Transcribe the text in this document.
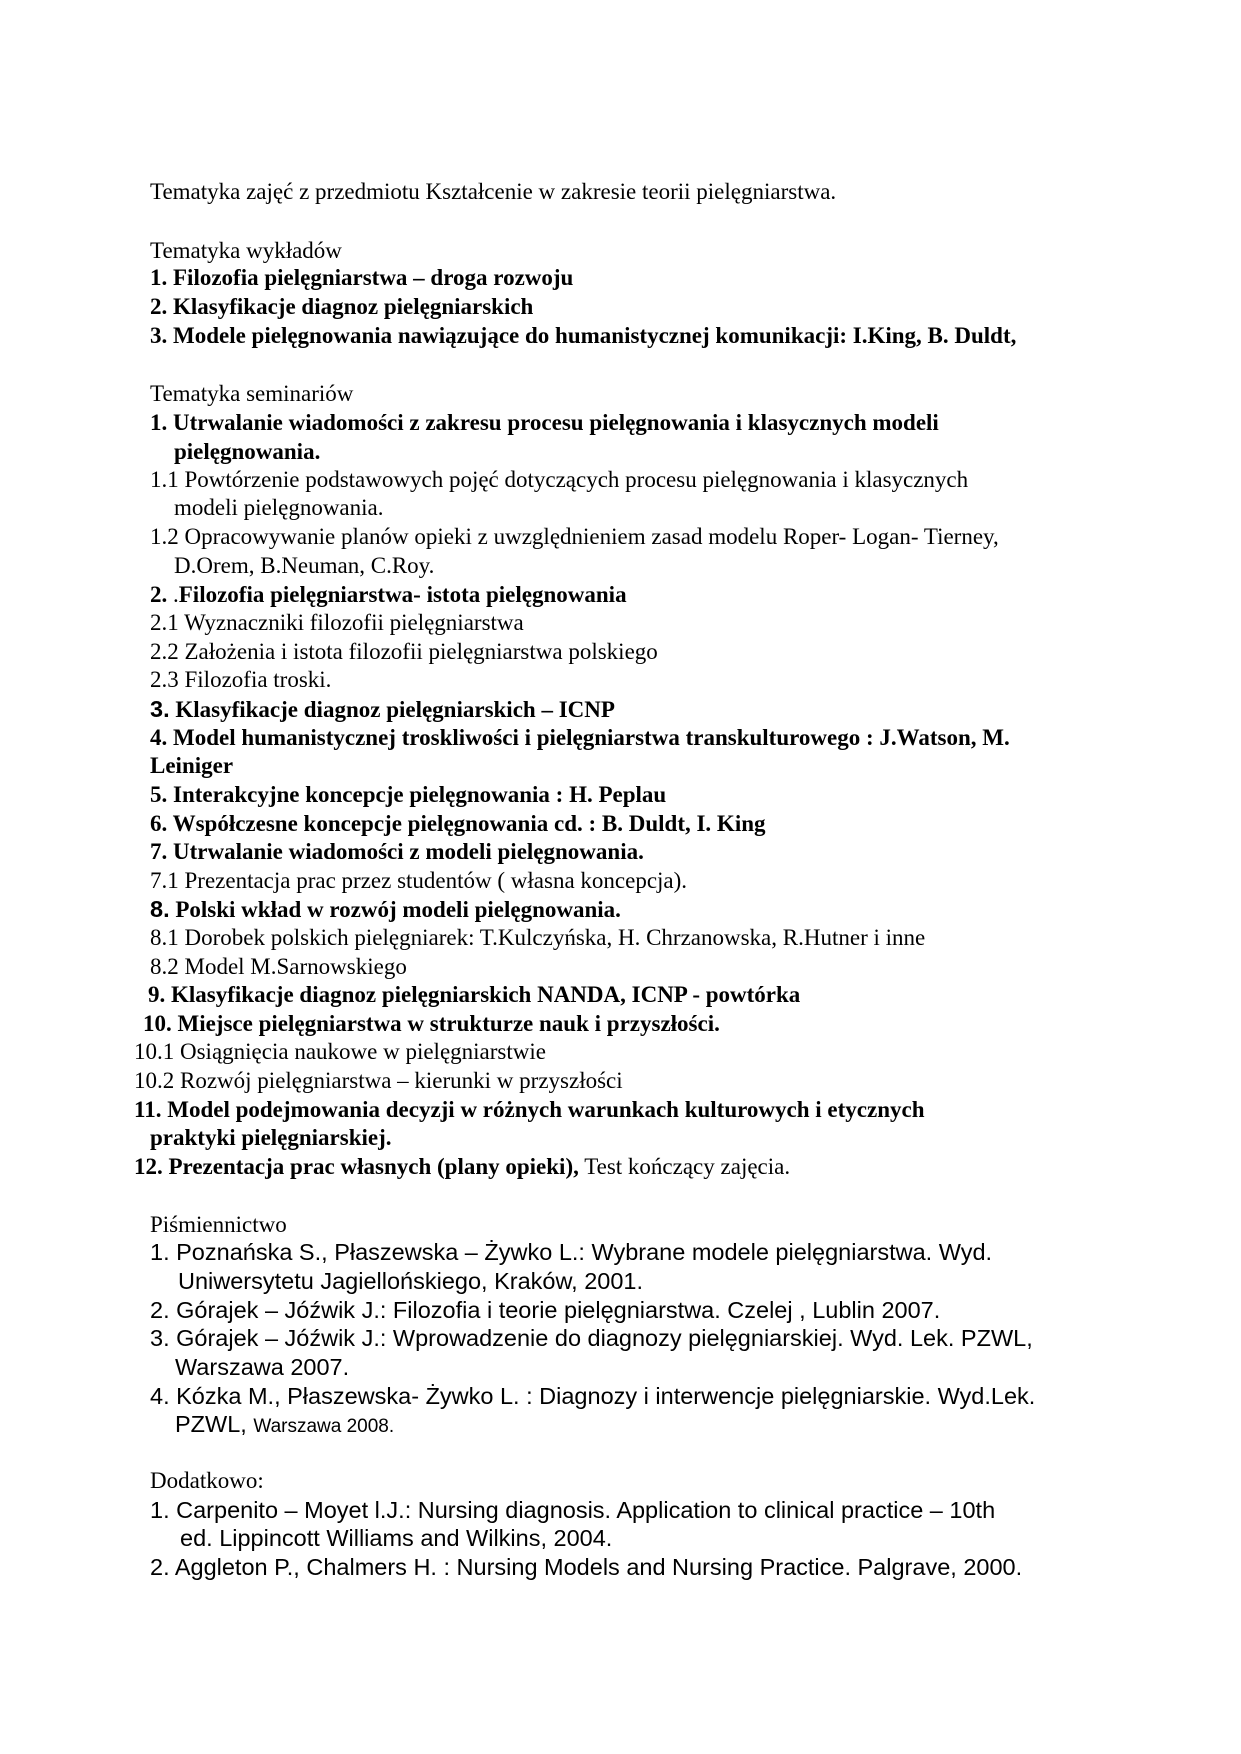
Tematyka zajęć z przedmiotu Kształcenie w zakresie teorii pielęgniarstwa.
Tematyka wykładów
1. Filozofia pielęgniarstwa – droga rozwoju
2. Klasyfikacje diagnoz pielęgniarskich
3. Modele pielęgnowania nawiązujące do humanistycznej komunikacji: I.King, B. Duldt,
Tematyka seminariów
1. Utrwalanie wiadomości z zakresu procesu pielęgnowania i klasycznych modeli
pielęgnowania.
1.1 Powtórzenie podstawowych pojęć dotyczących procesu pielęgnowania i klasycznych
modeli pielęgnowania.
1.2 Opracowywanie planów opieki z uwzględnieniem zasad modelu Roper- Logan- Tierney,
D.Orem, B.Neuman, C.Roy.
2. .Filozofia pielęgniarstwa- istota pielęgnowania
2.1 Wyznaczniki filozofii pielęgniarstwa
2.2 Założenia i istota filozofii pielęgniarstwa polskiego
2.3 Filozofia troski.
3. Klasyfikacje diagnoz pielęgniarskich – ICNP
4. Model humanistycznej troskliwości i pielęgniarstwa transkulturowego : J.Watson, M.
Leiniger
5. Interakcyjne koncepcje pielęgnowania : H. Peplau
6. Współczesne koncepcje pielęgnowania cd. : B. Duldt, I. King
7. Utrwalanie wiadomości z modeli pielęgnowania.
7.1 Prezentacja prac przez studentów ( własna koncepcja).
8. Polski wkład w rozwój modeli pielęgnowania.
8.1 Dorobek polskich pielęgniarek: T.Kulczyńska, H. Chrzanowska, R.Hutner i inne
8.2 Model M.Sarnowskiego
9. Klasyfikacje diagnoz pielęgniarskich NANDA, ICNP - powtórka
10. Miejsce pielęgniarstwa w strukturze nauk i przyszłości.
10.1 Osiągnięcia naukowe w pielęgniarstwie
10.2 Rozwój pielęgniarstwa – kierunki w przyszłości
11. Model podejmowania decyzji w różnych warunkach kulturowych i etycznych
praktyki pielęgniarskiej.
12. Prezentacja prac własnych (plany opieki), Test kończący zajęcia.
Piśmiennictwo
1. Poznańska S., Płaszewska – Żywko L.: Wybrane modele pielęgniarstwa. Wyd.
Uniwersytetu Jagiellońskiego, Kraków, 2001.
2. Górajek – Jóźwik J.: Filozofia i teorie pielęgniarstwa. Czelej , Lublin 2007.
3. Górajek – Jóźwik J.: Wprowadzenie do diagnozy pielęgniarskiej. Wyd. Lek. PZWL,
Warszawa 2007.
4. Kózka M., Płaszewska- Żywko L. : Diagnozy i interwencje pielęgniarskie. Wyd.Lek.
PZWL, Warszawa 2008.
Dodatkowo:
1. Carpenito – Moyet l.J.: Nursing diagnosis. Application to clinical practice – 10th
ed. Lippincott Williams and Wilkins, 2004.
2. Aggleton P., Chalmers H. : Nursing Models and Nursing Practice. Palgrave, 2000.
